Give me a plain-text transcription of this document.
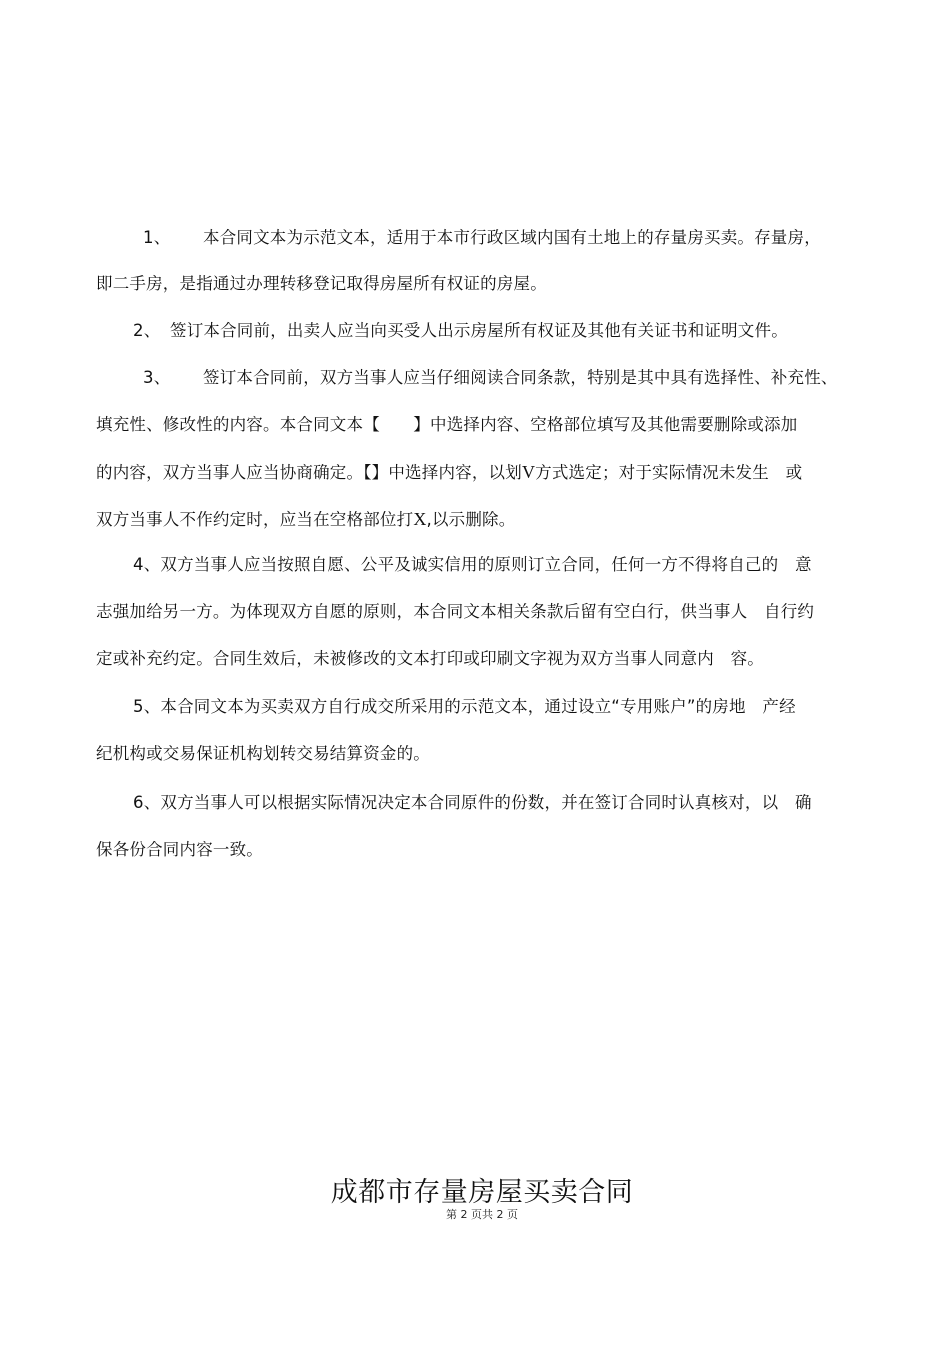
1、 本合同文本为示范文本，适用于本市行政区域内国有土地上的存量房买卖。存量房，
即二手房，是指通过办理转移登记取得房屋所有权证的房屋。
2、 签订本合同前，出卖人应当向买受人出示房屋所有权证及其他有关证书和证明文件。
3、 签订本合同前，双方当事人应当仔细阅读合同条款，特别是其中具有选择性、补充性、
填充性、修改性的内容。本合同文本【　　】中选择内容、空格部位填写及其他需要删除或添加
的内容，双方当事人应当协商确定。【】中选择内容，以划V方式选定；对于实际情况未发生　或
双方当事人不作约定时，应当在空格部位打X,以示删除。
4、双方当事人应当按照自愿、公平及诚实信用的原则订立合同，任何一方不得将自己的　意
志强加给另一方。为体现双方自愿的原则，本合同文本相关条款后留有空白行，供当事人　自行约
定或补充约定。合同生效后，未被修改的文本打印或印刷文字视为双方当事人同意内　容。
5、本合同文本为买卖双方自行成交所采用的示范文本，通过设立“专用账户”的房地　产经
纪机构或交易保证机构划转交易结算资金的。
6、双方当事人可以根据实际情况决定本合同原件的份数，并在签订合同时认真核对，以　确
保各份合同内容一致。
成都市存量房屋买卖合同
第 2 页共 2 页
